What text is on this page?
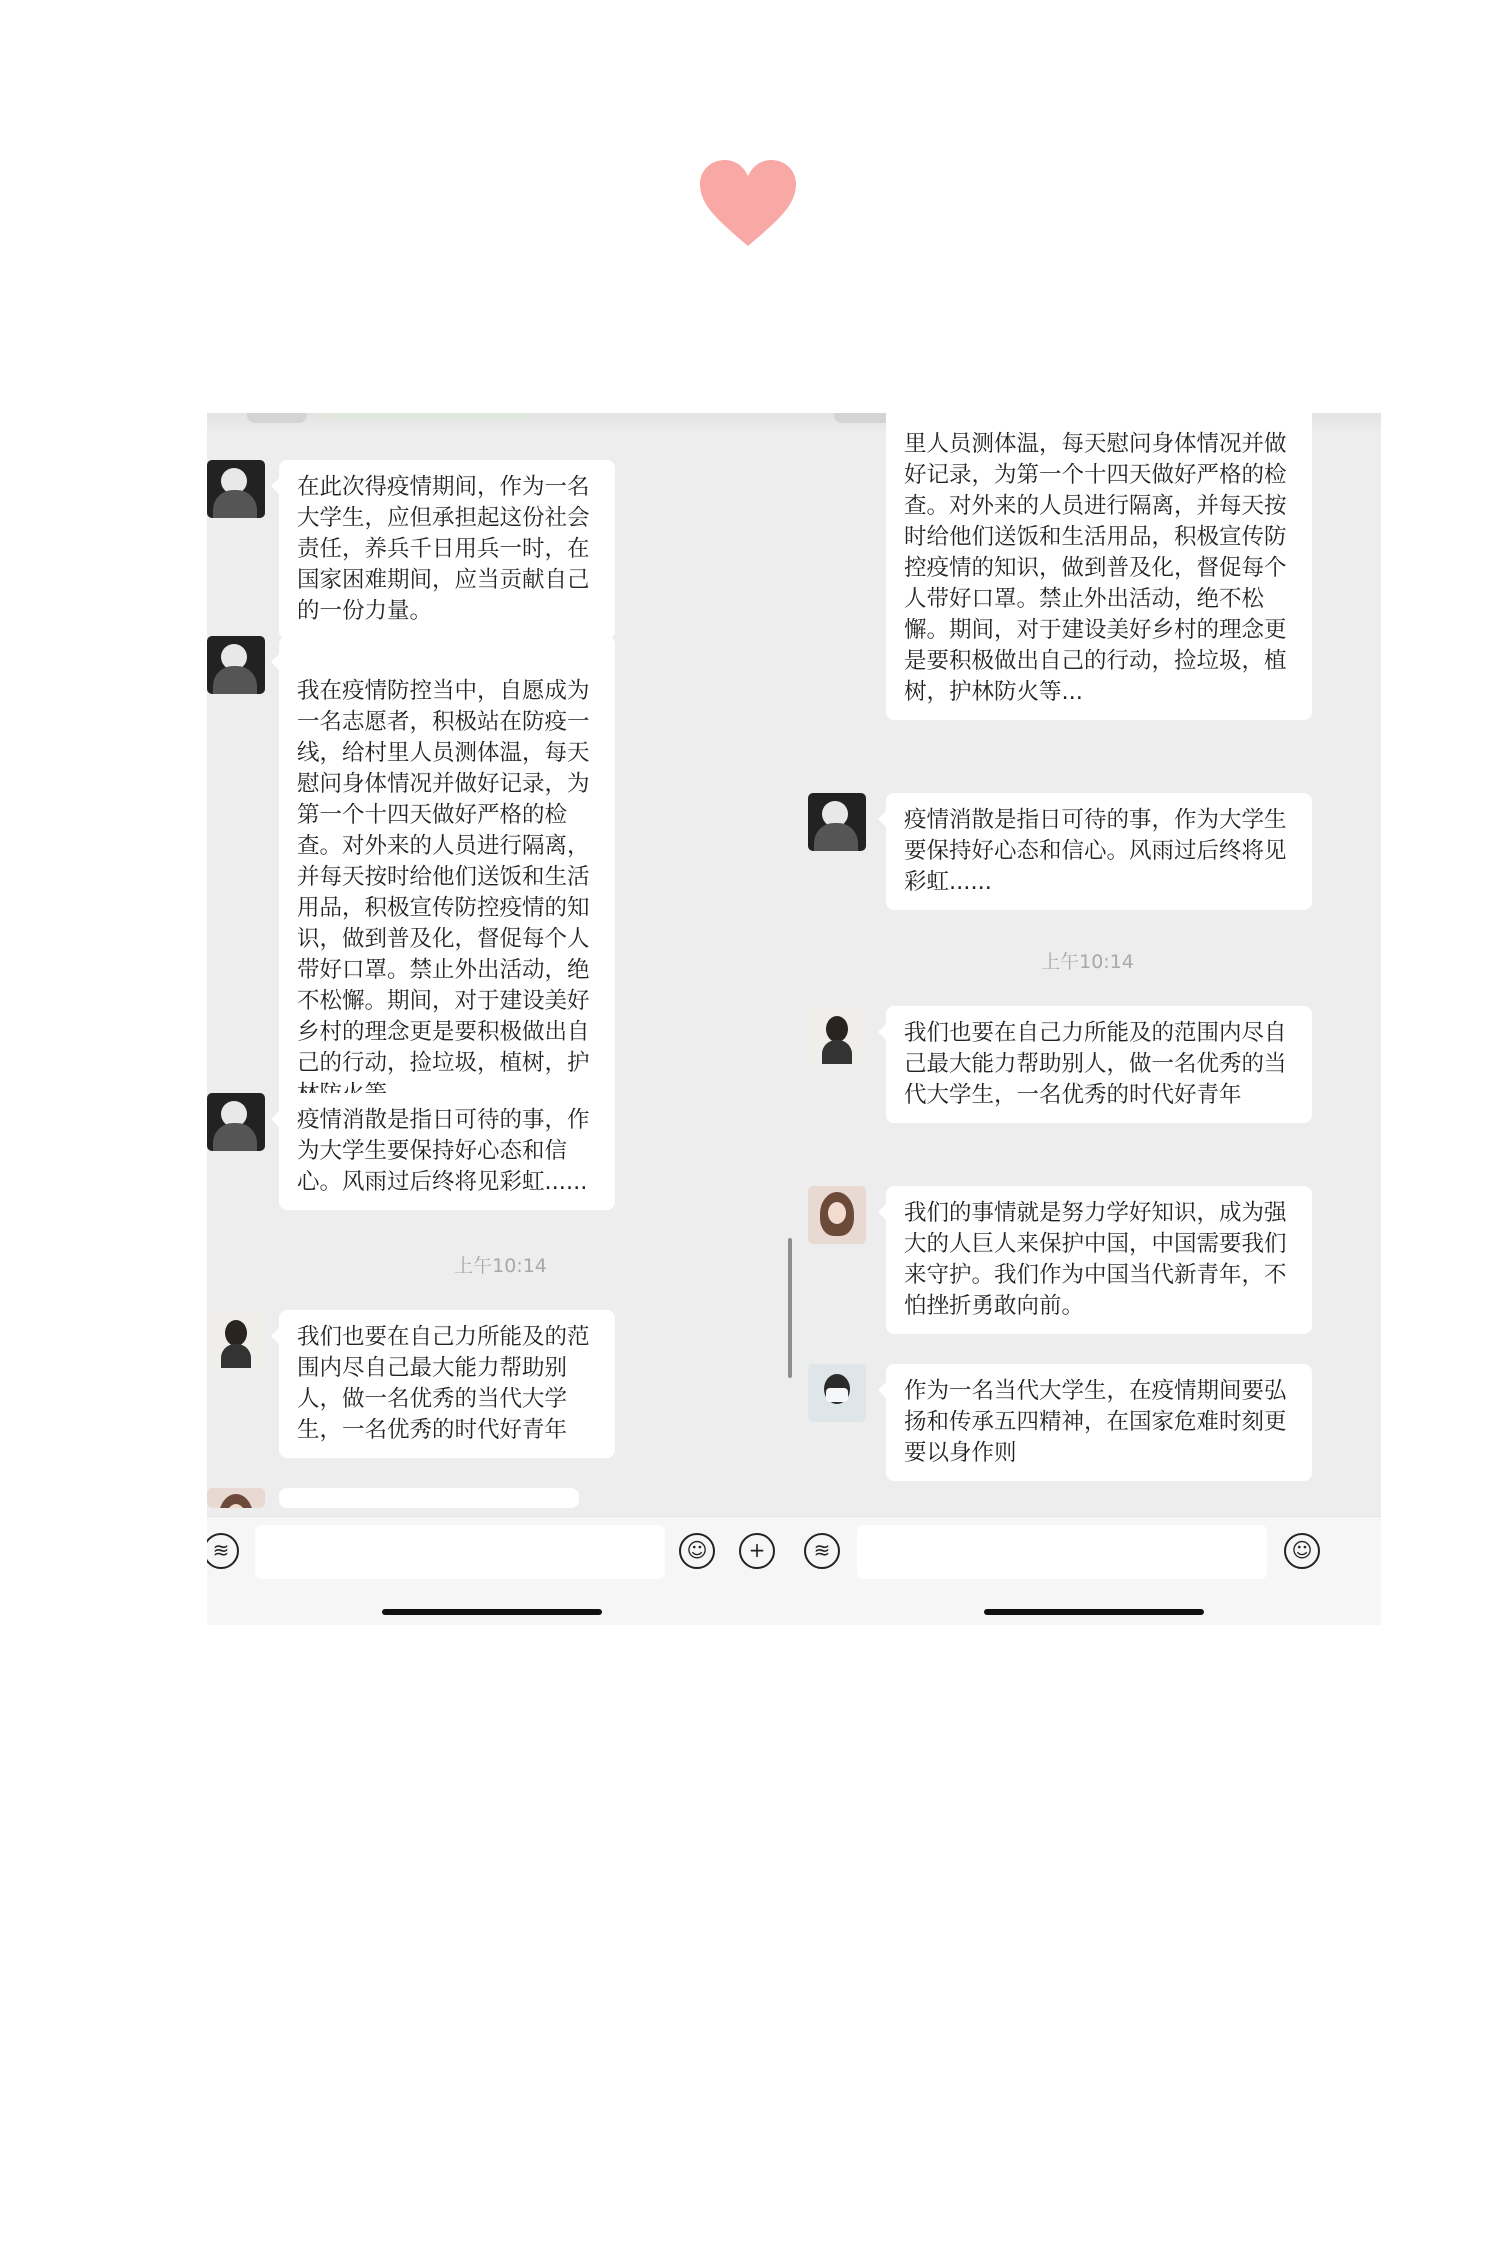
在此次得疫情期间，作为一名大学生，应但承担起这份社会责任，养兵千日用兵一时，在国家困难期间，应当贡献自己的一份力量。
我在疫情防控当中，自愿成为一名志愿者，积极站在防疫一线，给村里人员测体温，每天慰问身体情况并做好记录，为第一个十四天做好严格的检查。对外来的人员进行隔离，并每天按时给他们送饭和生活用品，积极宣传防控疫情的知识，做到普及化，督促每个人带好口罩。禁止外出活动，绝不松懈。期间，对于建设美好乡村的理念更是要积极做出自己的行动，捡垃圾，植树，护
疫情消散是指日可待的事，作为大学生要保持好心态和信心。风雨过后终将见彩虹......
上午10:14
我们也要在自己力所能及的范围内尽自己最大能力帮助别人，做一名优秀的当代大学生，一名优秀的时代好青年
≋	☺	+
里人员测体温，每天慰问身体情况并做好记录，为第一个十四天做好严格的检查。对外来的人员进行隔离，并每天按时给他们送饭和生活用品，积极宣传防控疫情的知识，做到普及化，督促每个人带好口罩。禁止外出活动，绝不松懈。期间，对于建设美好乡村的理念更是要积极做出自己的行动，捡垃圾，植树，护林防火等...
疫情消散是指日可待的事，作为大学生要保持好心态和信心。风雨过后终将见彩虹......
上午10:14
我们也要在自己力所能及的范围内尽自己最大能力帮助别人，做一名优秀的当代大学生，一名优秀的时代好青年
我们的事情就是努力学好知识，成为强大的人巨人来保护中国，中国需要我们来守护。我们作为中国当代新青年，不怕挫折勇敢向前。
作为一名当代大学生，在疫情期间要弘扬和传承五四精神，在国家危难时刻更要以身作则
≋	☺
